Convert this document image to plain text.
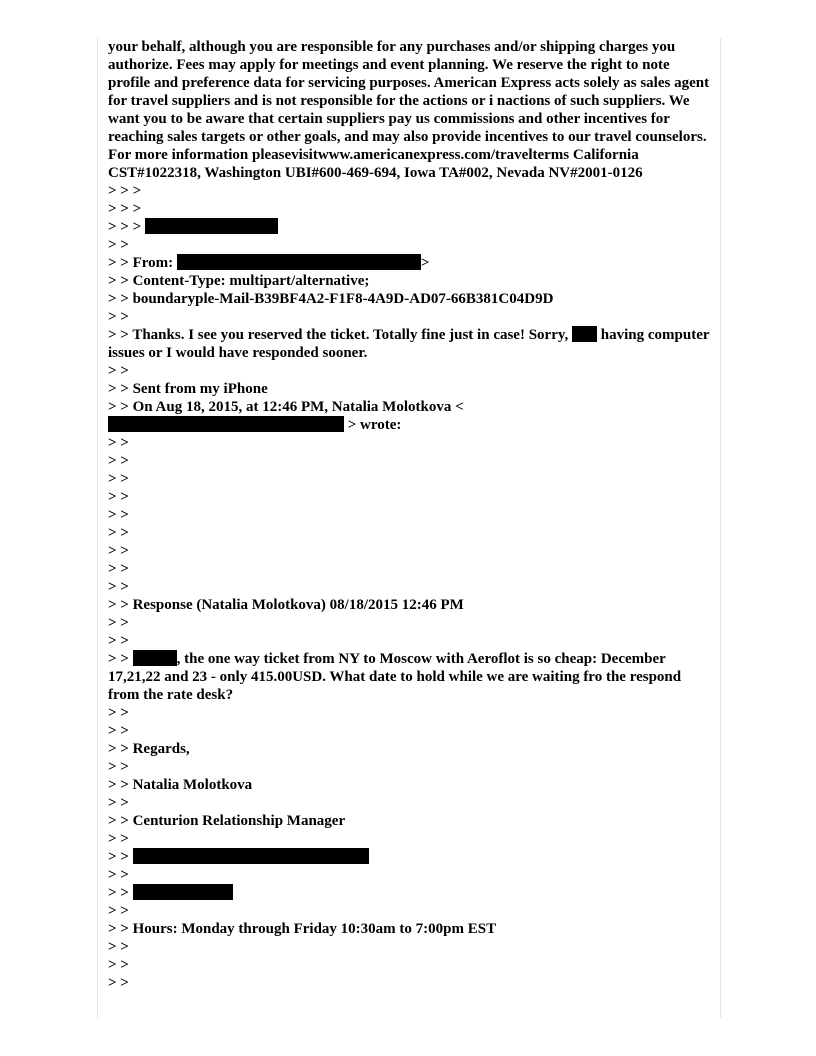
your behalf, although you are responsible for any purchases and/or shipping charges you authorize. Fees may apply for meetings and event planning. We reserve the right to note profile and preference data for servicing purposes. American Express acts solely as sales agent for travel suppliers and is not responsible for the actions or i nactions of such suppliers. We want you to be aware that certain suppliers pay us commissions and other incentives for reaching sales targets or other goals, and may also provide incentives to our travel counselors. For more information pleasevisitwww.americanexpress.com/travelterms California CST#1022318, Washington UBI#600-469-694, Iowa TA#002, Nevada NV#2001-0126

> > >
> > >
> > >
> >
> > From:	>
> > Content-Type: multipart/alternative;
> > boundaryple-Mail-B39BF4A2-F1F8-4A9D-AD07-66B381C04D9D
> >

> > Thanks. I see you reserved the ticket. Totally fine just in case! Sorry, having computer issues or I would have responded sooner.

> >
> > Sent from my iPhone
> > On Aug 18, 2015, at 12:46 PM, Natalia Molotkova <
> wrote:
> >
> >
> >
> >
> >
> >
> >
> >
> >
> > Response (Natalia Molotkova) 08/18/2015 12:46 PM
> >
> >

> >	, the one way ticket from NY to Moscow with Aeroflot is so cheap: December 17,21,22 and 23 - only 415.00USD. What date to hold while we are waiting fro the respond from the rate desk?

> >
> >
> > Regards,
> >
> > Natalia Molotkova
> >
> > Centurion Relationship Manager
> >
> >
> >
> >
> >
> > Hours: Monday through Friday 10:30am to 7:00pm EST
> >
> >
> >
